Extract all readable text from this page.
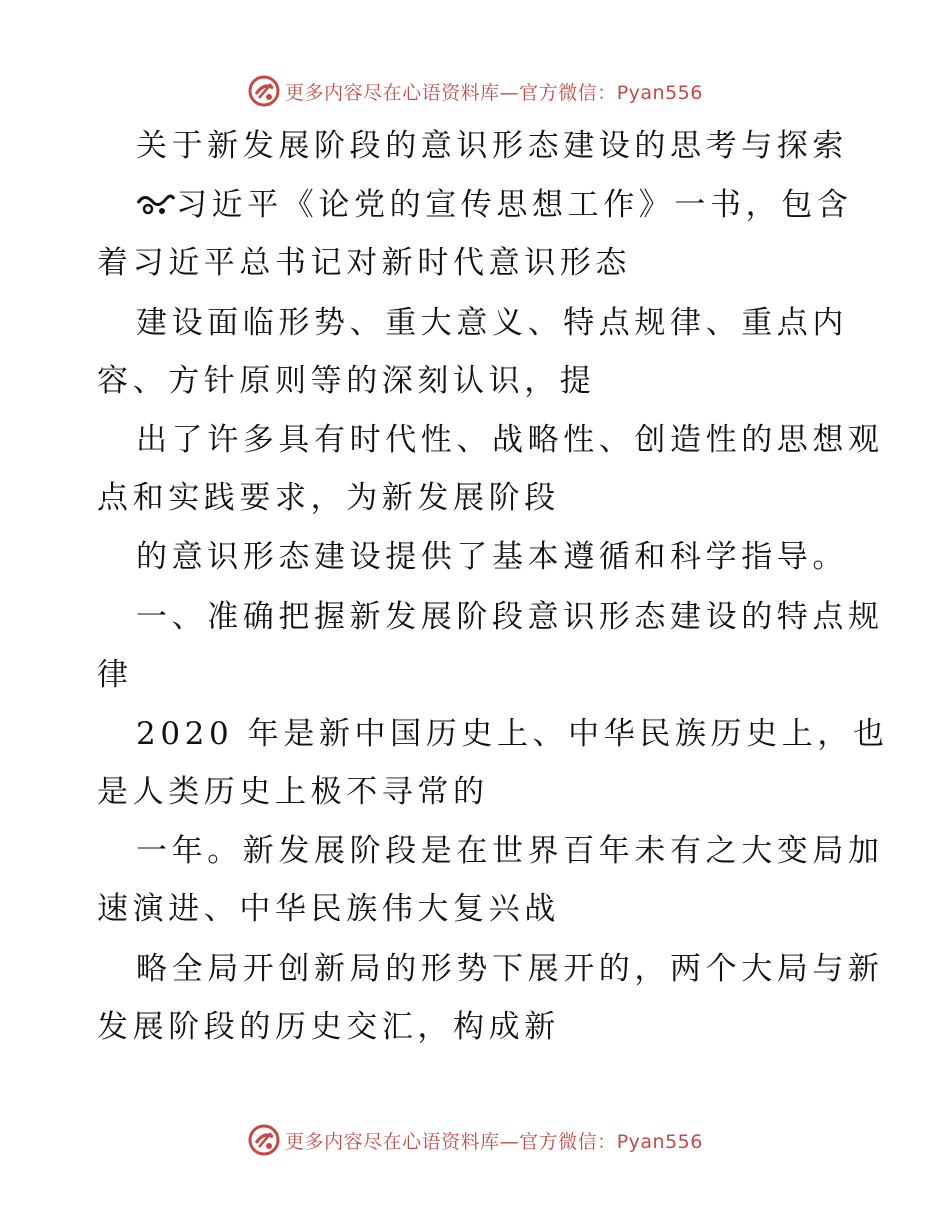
更多内容尽在心语资料库—官方微信：Pyan556
关于新发展阶段的意识形态建设的思考与探索
习近平《论党的宣传思想工作》一书，包含
着习近平总书记对新时代意识形态
建设面临形势、重大意义、特点规律、重点内
容、方针原则等的深刻认识，提
出了许多具有时代性、战略性、创造性的思想观
点和实践要求，为新发展阶段
的意识形态建设提供了基本遵循和科学指导。
一、准确把握新发展阶段意识形态建设的特点规
律
2020 年是新中国历史上、中华民族历史上，也
是人类历史上极不寻常的
一年。新发展阶段是在世界百年未有之大变局加
速演进、中华民族伟大复兴战
略全局开创新局的形势下展开的，两个大局与新
发展阶段的历史交汇，构成新
更多内容尽在心语资料库—官方微信：Pyan556
